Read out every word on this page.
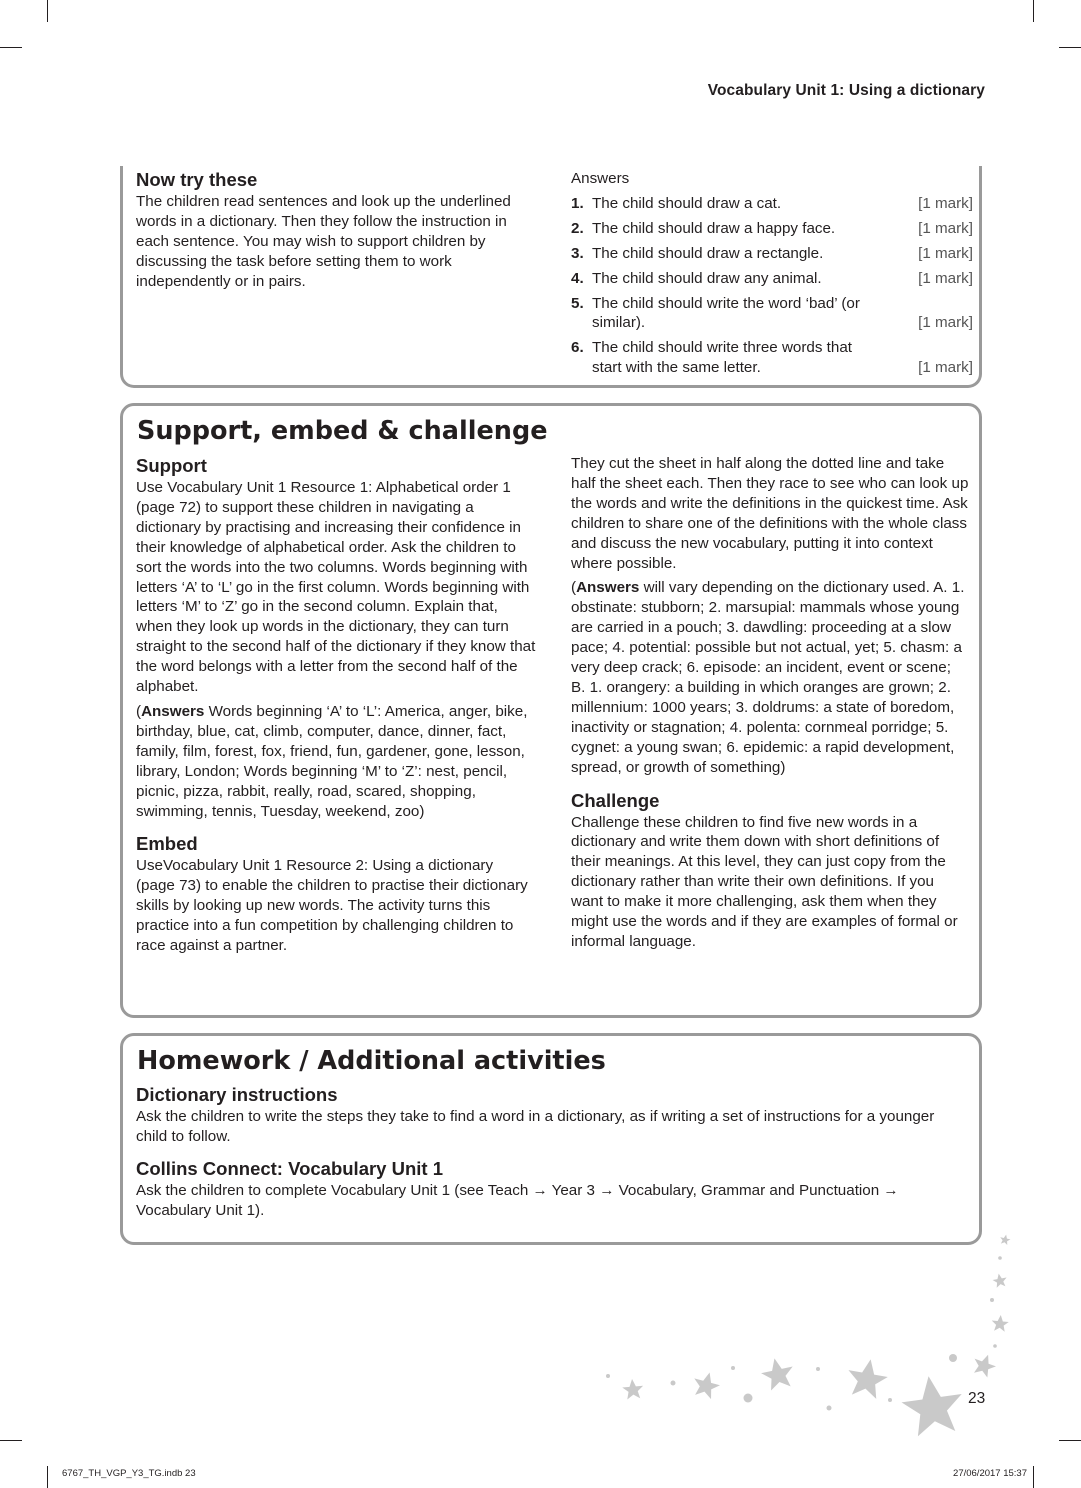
Vocabulary Unit 1: Using a dictionary
Now try these

The children read sentences and look up the underlined words in a dictionary. Then they follow the instruction in each sentence. You may wish to support children by discussing the task before setting them to work independently or in pairs.

Answers
1. The child should draw a cat.	[1 mark]
2. The child should draw a happy face.	[1 mark]
3. The child should draw a rectangle.	[1 mark]
4. The child should draw any animal.	[1 mark]
5. The child should write the word ‘bad’ (or similar).	[1 mark]
6. The child should write three words that start with the same letter.	[1 mark]
Support, embed & challenge
Support

Use Vocabulary Unit 1 Resource 1: Alphabetical order 1 (page 72) to support these children in navigating a dictionary by practising and increasing their confidence in their knowledge of alphabetical order. Ask the children to sort the words into the two columns. Words beginning with letters ‘A’ to ‘L’ go in the first column. Words beginning with letters ‘M’ to ‘Z’ go in the second column. Explain that, when they look up words in the dictionary, they can turn straight to the second half of the dictionary if they know that the word belongs with a letter from the second half of the alphabet.

(Answers Words beginning ‘A’ to ‘L’: America, anger, bike, birthday, blue, cat, climb, computer, dance, dinner, fact, family, film, forest, fox, friend, fun, gardener, gone, lesson, library, London; Words beginning ‘M’ to ‘Z’: nest, pencil, picnic, pizza, rabbit, really, road, scared, shopping, swimming, tennis, Tuesday, weekend, zoo)

Embed

UseVocabulary Unit 1 Resource 2: Using a dictionary (page 73) to enable the children to practise their dictionary skills by looking up new words. The activity turns this practice into a fun competition by challenging children to race against a partner.

They cut the sheet in half along the dotted line and take half the sheet each. Then they race to see who can look up the words and write the definitions in the quickest time. Ask children to share one of the definitions with the whole class and discuss the new vocabulary, putting it into context where possible.

(Answers will vary depending on the dictionary used. A. 1. obstinate: stubborn; 2. marsupial: mammals whose young are carried in a pouch; 3. dawdling: proceeding at a slow pace; 4. potential: possible but not actual, yet; 5. chasm: a very deep crack; 6. episode: an incident, event or scene; B. 1. orangery: a building in which oranges are grown; 2. millennium: 1000 years; 3. doldrums: a state of boredom, inactivity or stagnation; 4. polenta: cornmeal porridge; 5. cygnet: a young swan; 6. epidemic: a rapid development, spread, or growth of something)

Challenge

Challenge these children to find five new words in a dictionary and write them down with short definitions of their meanings. At this level, they can just copy from the dictionary rather than write their own definitions. If you want to make it more challenging, ask them when they might use the words and if they are examples of formal or informal language.

Homework / Additional activities
Dictionary instructions

Ask the children to write the steps they take to find a word in a dictionary, as if writing a set of instructions for a younger child to follow.

Collins Connect: Vocabulary Unit 1

Ask the children to complete Vocabulary Unit 1 (see Teach → Year 3 → Vocabulary, Grammar and Punctuation → Vocabulary Unit 1).

23
6767_TH_VGP_Y3_TG.indb 23	27/06/2017 15:37
